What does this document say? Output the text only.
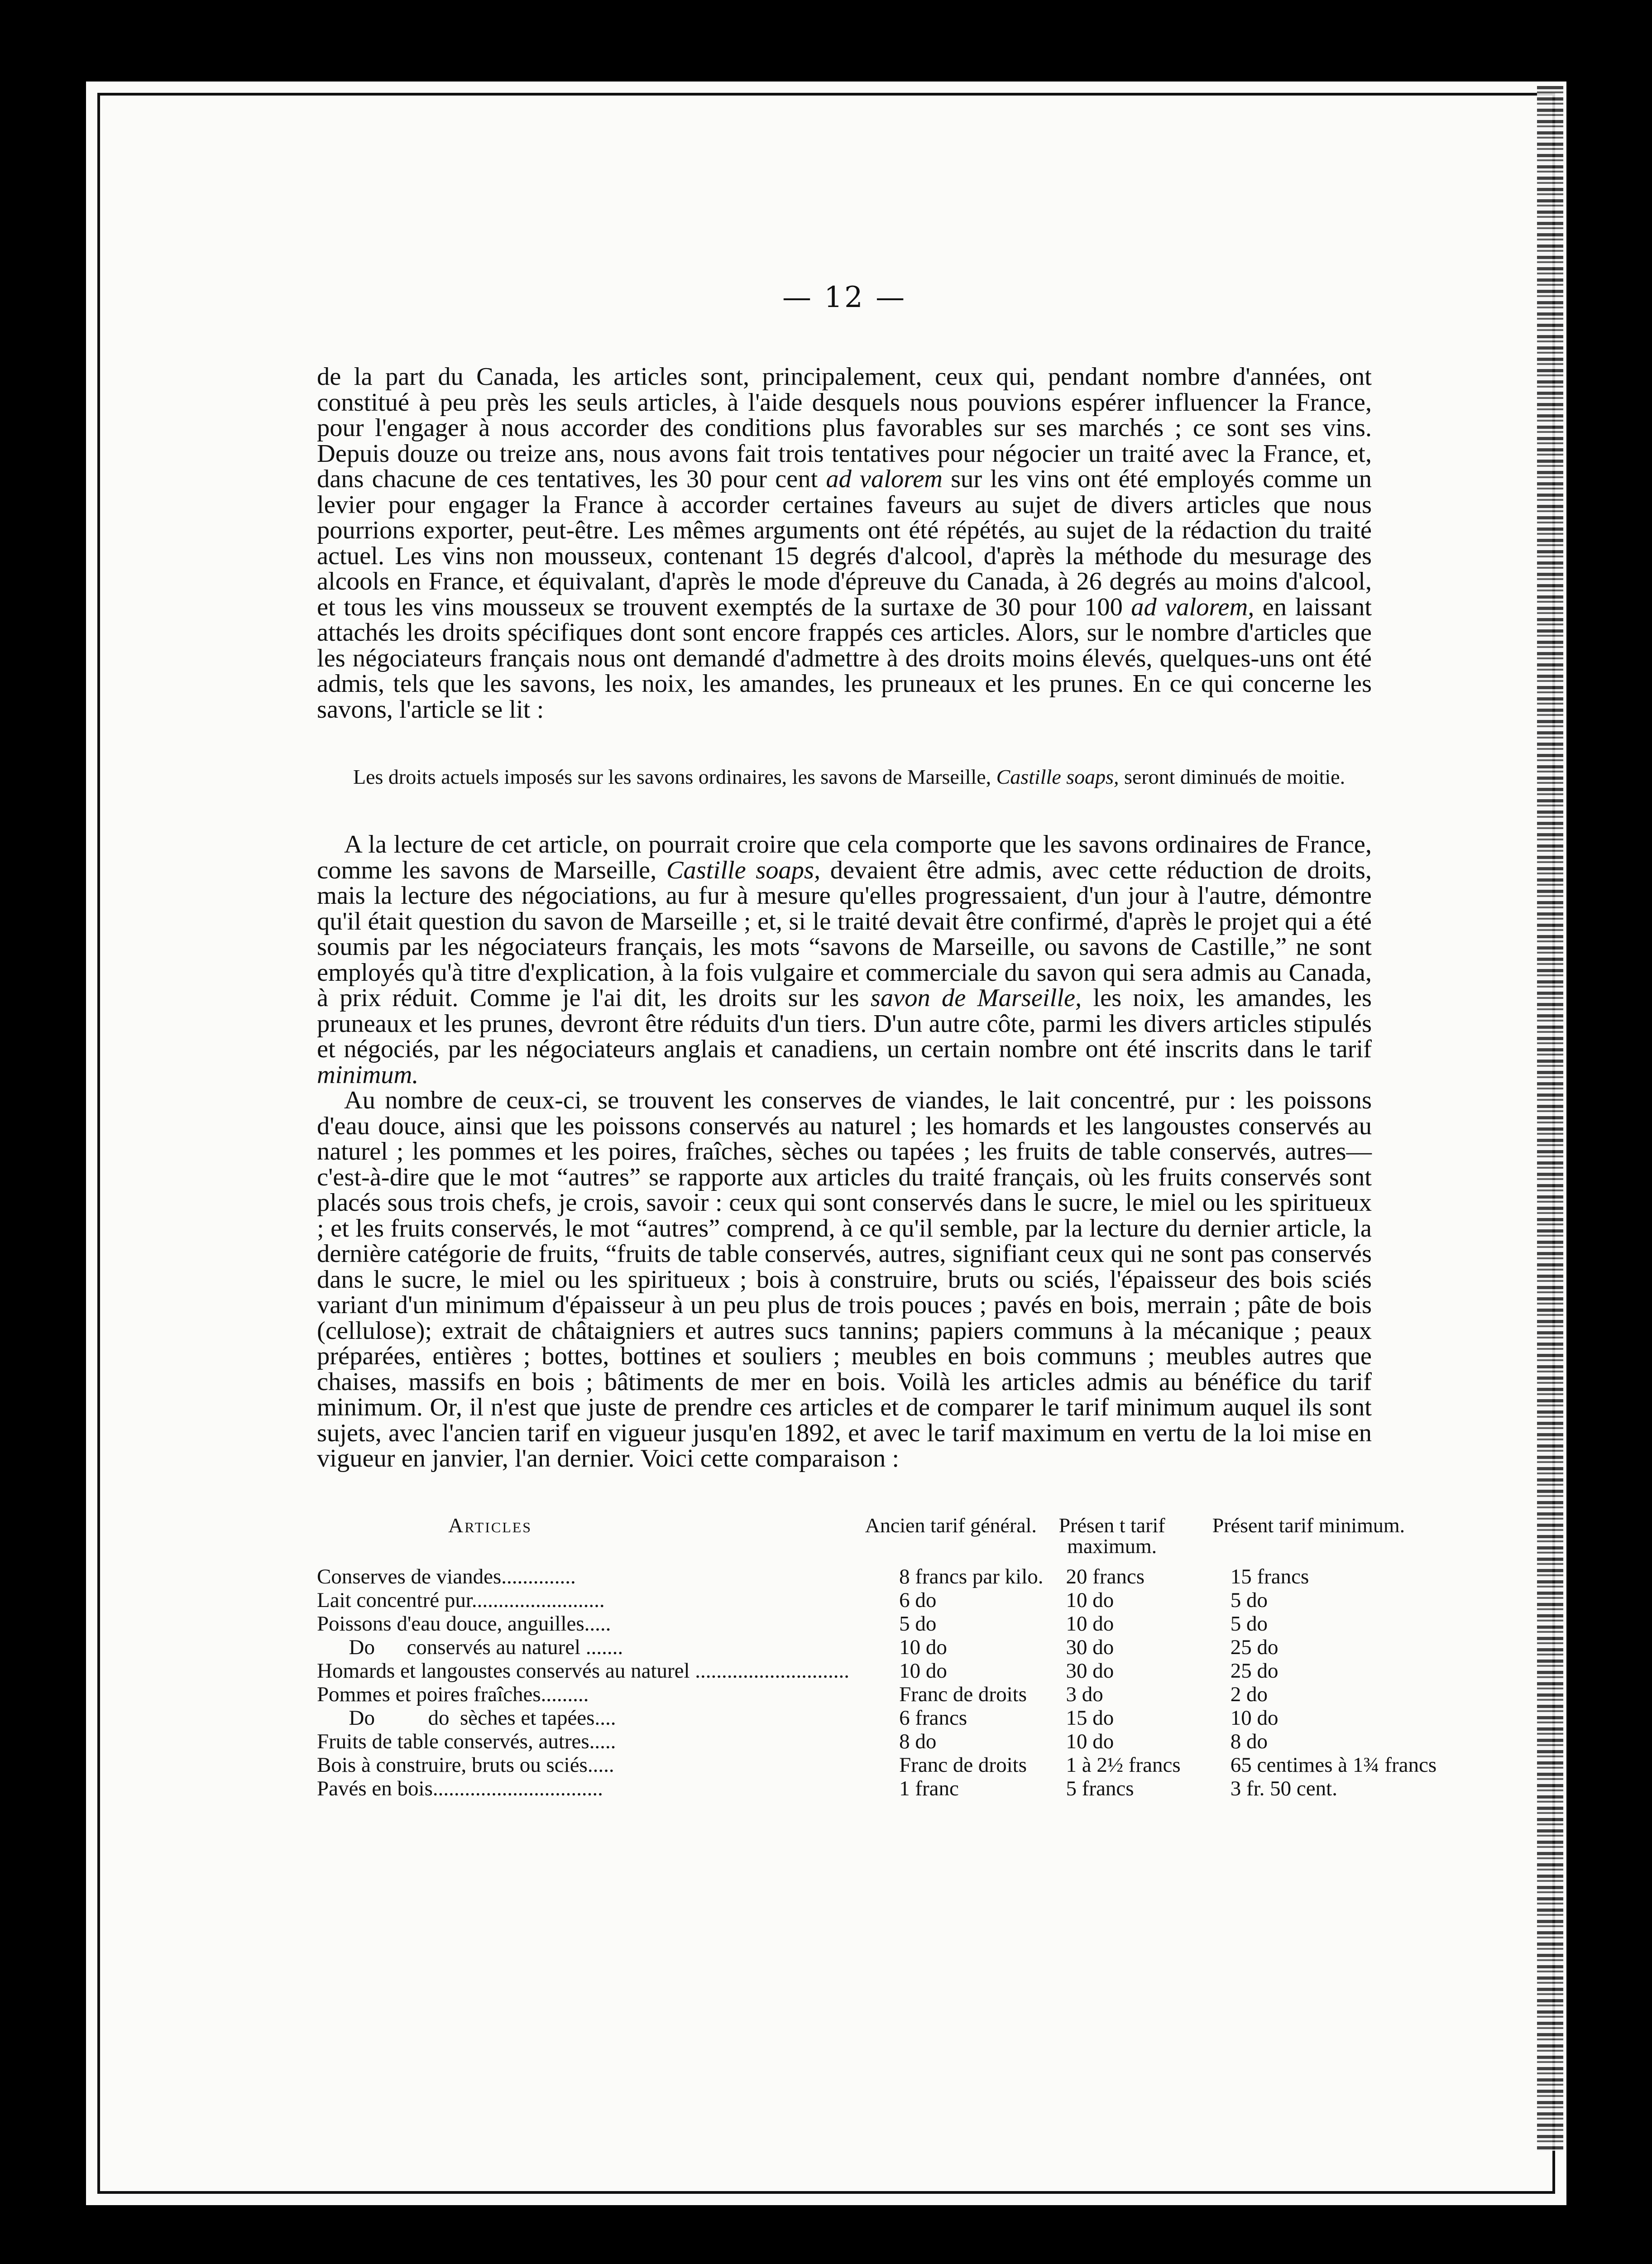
— 12 —

de la part du Canada, les articles sont, principalement, ceux qui, pendant nombre d'années, ont constitué à peu près les seuls articles, à l'aide desquels nous pouvions espérer influencer la France, pour l'engager à nous accorder des conditions plus favorables sur ses marchés ; ce sont ses vins. Depuis douze ou treize ans, nous avons fait trois tentatives pour négocier un traité avec la France, et, dans chacune de ces tentatives, les 30 pour cent ad valorem sur les vins ont été employés comme un levier pour engager la France à accorder certaines faveurs au sujet de divers articles que nous pourrions exporter, peut-être. Les mêmes arguments ont été répétés, au sujet de la rédaction du traité actuel. Les vins non mousseux, contenant 15 degrés d'alcool, d'après la méthode du mesurage des alcools en France, et équivalant, d'après le mode d'épreuve du Canada, à 26 degrés au moins d'alcool, et tous les vins mousseux se trouvent exemptés de la surtaxe de 30 pour 100 ad valorem, en laissant attachés les droits spécifiques dont sont encore frappés ces articles. Alors, sur le nombre d'articles que les négociateurs français nous ont demandé d'admettre à des droits moins élevés, quelques-uns ont été admis, tels que les savons, les noix, les amandes, les pruneaux et les prunes. En ce qui concerne les savons, l'article se lit :

Les droits actuels imposés sur les savons ordinaires, les savons de Marseille, Castille soaps, seront diminués de moitie.

A la lecture de cet article, on pourrait croire que cela comporte que les savons ordinaires de France, comme les savons de Marseille, Castille soaps, devaient être admis, avec cette réduction de droits, mais la lecture des négociations, au fur à mesure qu'elles progressaient, d'un jour à l'autre, démontre qu'il était question du savon de Marseille ; et, si le traité devait être confirmé, d'après le projet qui a été soumis par les négociateurs français, les mots “savons de Marseille, ou savons de Castille,” ne sont employés qu'à titre d'explication, à la fois vulgaire et commerciale du savon qui sera admis au Canada, à prix réduit. Comme je l'ai dit, les droits sur les savon de Marseille, les noix, les amandes, les pruneaux et les prunes, devront être réduits d'un tiers. D'un autre côte, parmi les divers articles stipulés et négociés, par les négociateurs anglais et canadiens, un certain nombre ont été inscrits dans le tarif minimum.

Au nombre de ceux-ci, se trouvent les conserves de viandes, le lait concentré, pur : les poissons d'eau douce, ainsi que les poissons conservés au naturel ; les homards et les langoustes conservés au naturel ; les pommes et les poires, fraîches, sèches ou tapées ; les fruits de table conservés, autres—c'est-à-dire que le mot “autres” se rapporte aux articles du traité français, où les fruits conservés sont placés sous trois chefs, je crois, savoir : ceux qui sont conservés dans le sucre, le miel ou les spiritueux ; et les fruits conservés, le mot “autres” comprend, à ce qu'il semble, par la lecture du dernier article, la dernière catégorie de fruits, “fruits de table conservés, autres, signifiant ceux qui ne sont pas conservés dans le sucre, le miel ou les spiritueux ; bois à construire, bruts ou sciés, l'épaisseur des bois sciés variant d'un minimum d'épaisseur à un peu plus de trois pouces ; pavés en bois, merrain ; pâte de bois (cellulose); extrait de châtaigniers et autres sucs tannins; papiers communs à la mécanique ; peaux préparées, entières ; bottes, bottines et souliers ; meubles en bois communs ; meubles autres que chaises, massifs en bois ; bâtiments de mer en bois. Voilà les articles admis au bénéfice du tarif minimum. Or, il n'est que juste de prendre ces articles et de comparer le tarif minimum auquel ils sont sujets, avec l'ancien tarif en vigueur jusqu'en 1892, et avec le tarif maximum en vertu de la loi mise en vigueur en janvier, l'an dernier. Voici cette comparaison :

Articles	Ancien tarif général.	Présen t tarif maximum.	Présent tarif minimum.
Conserves de viandes..............	8 francs par kilo.	20 francs	15 francs
Lait concentré pur.........................	6 do	10 do	5 do
Poissons d'eau douce, anguilles.....	5 do	10 do	5 do
Do      conservés au naturel .......	10 do	30 do	25 do
Homards et langoustes conservés au naturel .............................	10 do	30 do	25 do
Pommes et poires fraîches.........	Franc de droits	3 do	2 do
Do          do  sèches et tapées....	6 francs	15 do	10 do
Fruits de table conservés, autres.....	8 do	10 do	8 do
Bois à construire, bruts ou sciés.....	Franc de droits	1 à 2½ francs	65 centimes à 1¾ francs
Pavés en bois................................	1 franc	5 francs	3 fr. 50 cent.
